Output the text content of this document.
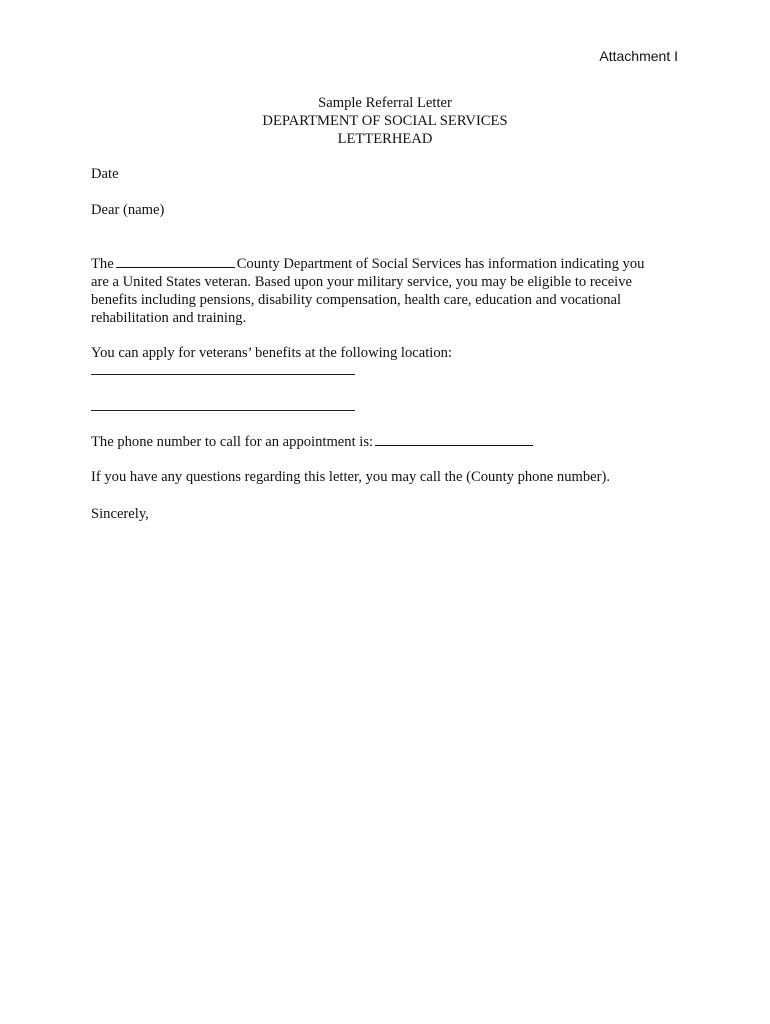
Attachment I
Sample Referral Letter
DEPARTMENT OF SOCIAL SERVICES
LETTERHEAD
Date
Dear (name)
The	County Department of Social Services has information indicating you
are a United States veteran. Based upon your military service, you may be eligible to receive
benefits including pensions, disability compensation, health care, education and vocational
rehabilitation and training.
You can apply for veterans’ benefits at the following location:
The phone number to call for an appointment is:
If you have any questions regarding this letter, you may call the (County phone number).
Sincerely,
